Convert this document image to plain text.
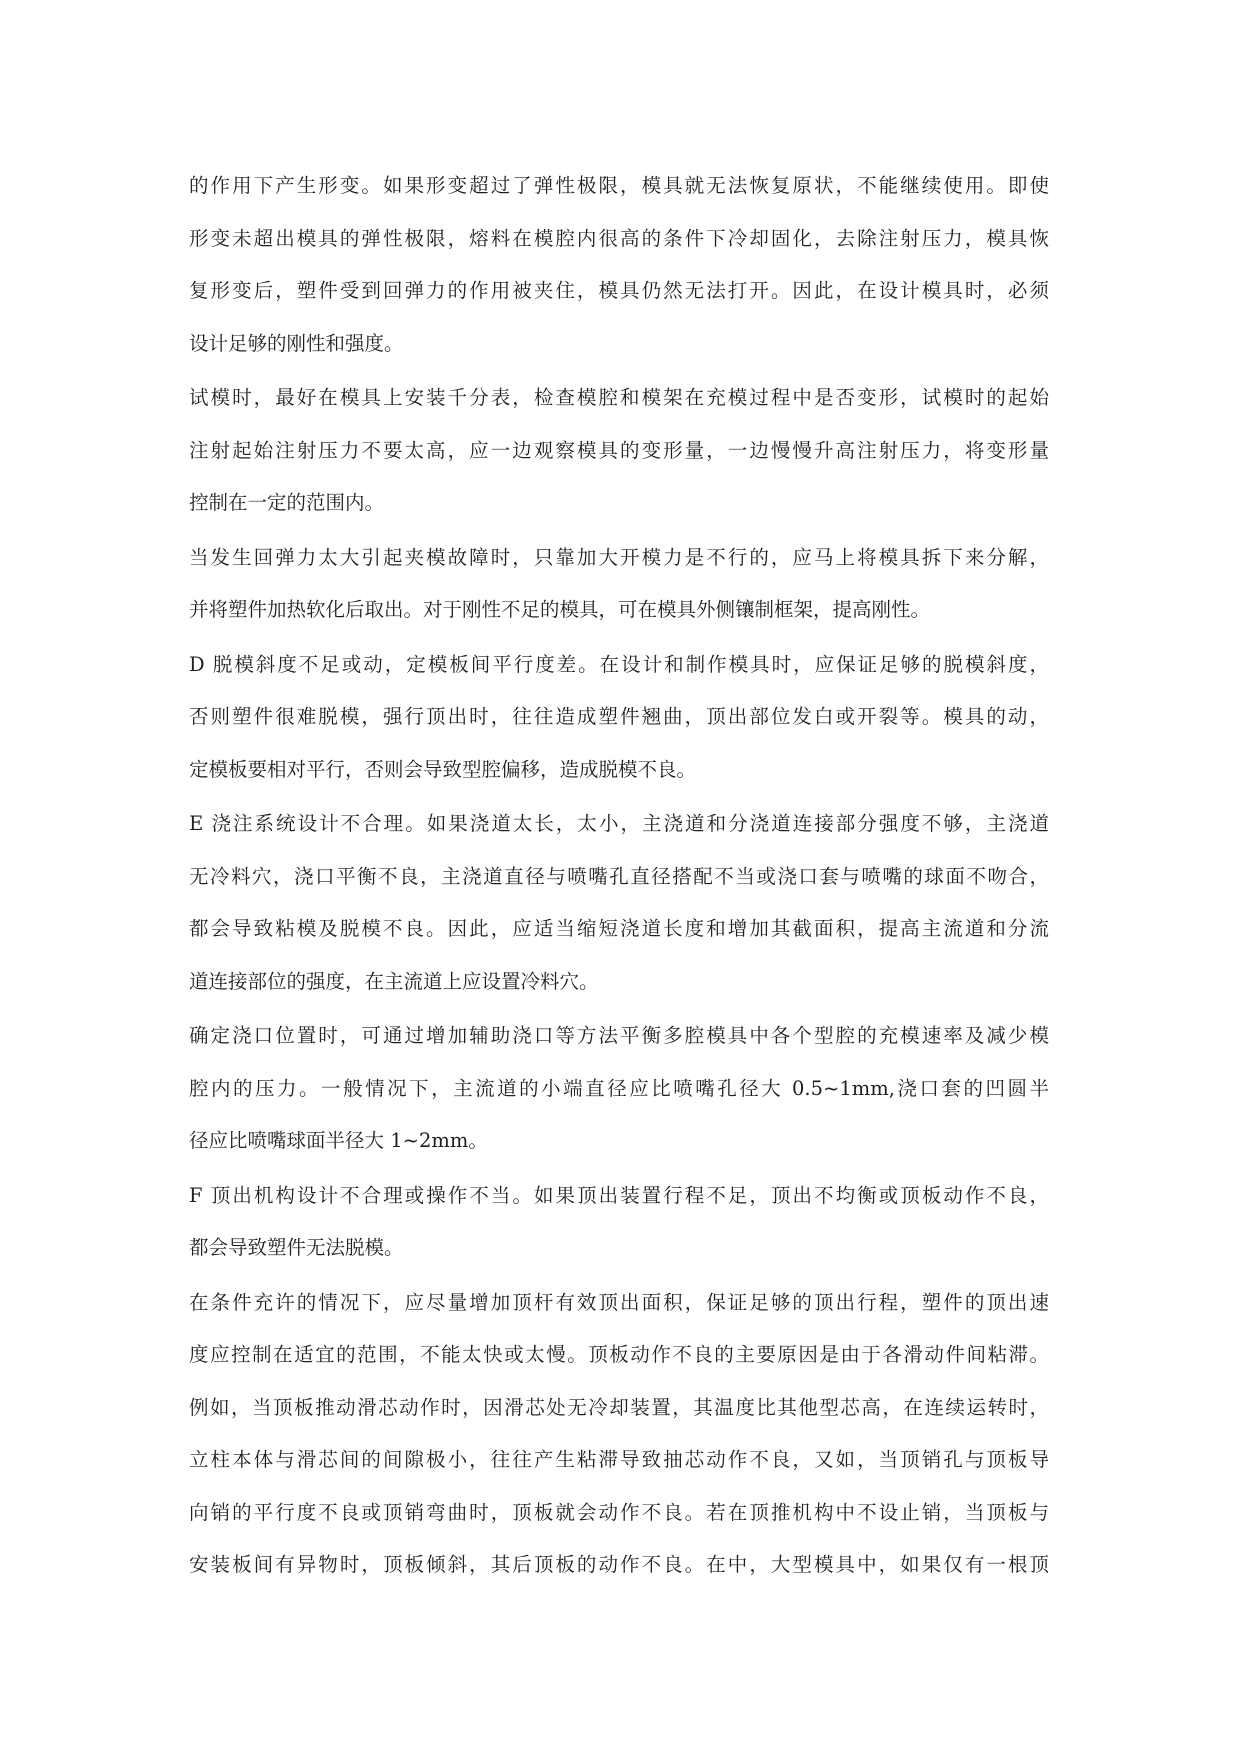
的作用下产生形变。如果形变超过了弹性极限，模具就无法恢复原状，不能继续使用。即使
形变未超出模具的弹性极限，熔料在模腔内很高的条件下冷却固化，去除注射压力，模具恢
复形变后，塑件受到回弹力的作用被夹住，模具仍然无法打开。因此，在设计模具时，必须
设计足够的刚性和强度。

试模时，最好在模具上安装千分表，检查模腔和模架在充模过程中是否变形，试模时的起始
注射起始注射压力不要太高，应一边观察模具的变形量，一边慢慢升高注射压力，将变形量
控制在一定的范围内。

当发生回弹力太大引起夹模故障时，只靠加大开模力是不行的，应马上将模具拆下来分解，
并将塑件加热软化后取出。对于刚性不足的模具，可在模具外侧镶制框架，提高刚性。

D 脱模斜度不足或动，定模板间平行度差。在设计和制作模具时，应保证足够的脱模斜度，
否则塑件很难脱模，强行顶出时，往往造成塑件翘曲，顶出部位发白或开裂等。模具的动，
定模板要相对平行，否则会导致型腔偏移，造成脱模不良。

E 浇注系统设计不合理。如果浇道太长，太小，主浇道和分浇道连接部分强度不够，主浇道
无冷料穴，浇口平衡不良，主浇道直径与喷嘴孔直径搭配不当或浇口套与喷嘴的球面不吻合，
都会导致粘模及脱模不良。因此，应适当缩短浇道长度和增加其截面积，提高主流道和分流
道连接部位的强度，在主流道上应设置冷料穴。

确定浇口位置时，可通过增加辅助浇口等方法平衡多腔模具中各个型腔的充模速率及减少模
腔内的压力。一般情况下，主流道的小端直径应比喷嘴孔径大 0.5~1mm,浇口套的凹圆半
径应比喷嘴球面半径大 1~2mm。

F 顶出机构设计不合理或操作不当。如果顶出装置行程不足，顶出不均衡或顶板动作不良，
都会导致塑件无法脱模。

在条件充许的情况下，应尽量增加顶杆有效顶出面积，保证足够的顶出行程，塑件的顶出速
度应控制在适宜的范围，不能太快或太慢。顶板动作不良的主要原因是由于各滑动件间粘滞。
例如，当顶板推动滑芯动作时，因滑芯处无冷却装置，其温度比其他型芯高，在连续运转时，
立柱本体与滑芯间的间隙极小，往往产生粘滞导致抽芯动作不良，又如，当顶销孔与顶板导
向销的平行度不良或顶销弯曲时，顶板就会动作不良。若在顶推机构中不设止销，当顶板与
安装板间有异物时，顶板倾斜，其后顶板的动作不良。在中，大型模具中，如果仅有一根顶
